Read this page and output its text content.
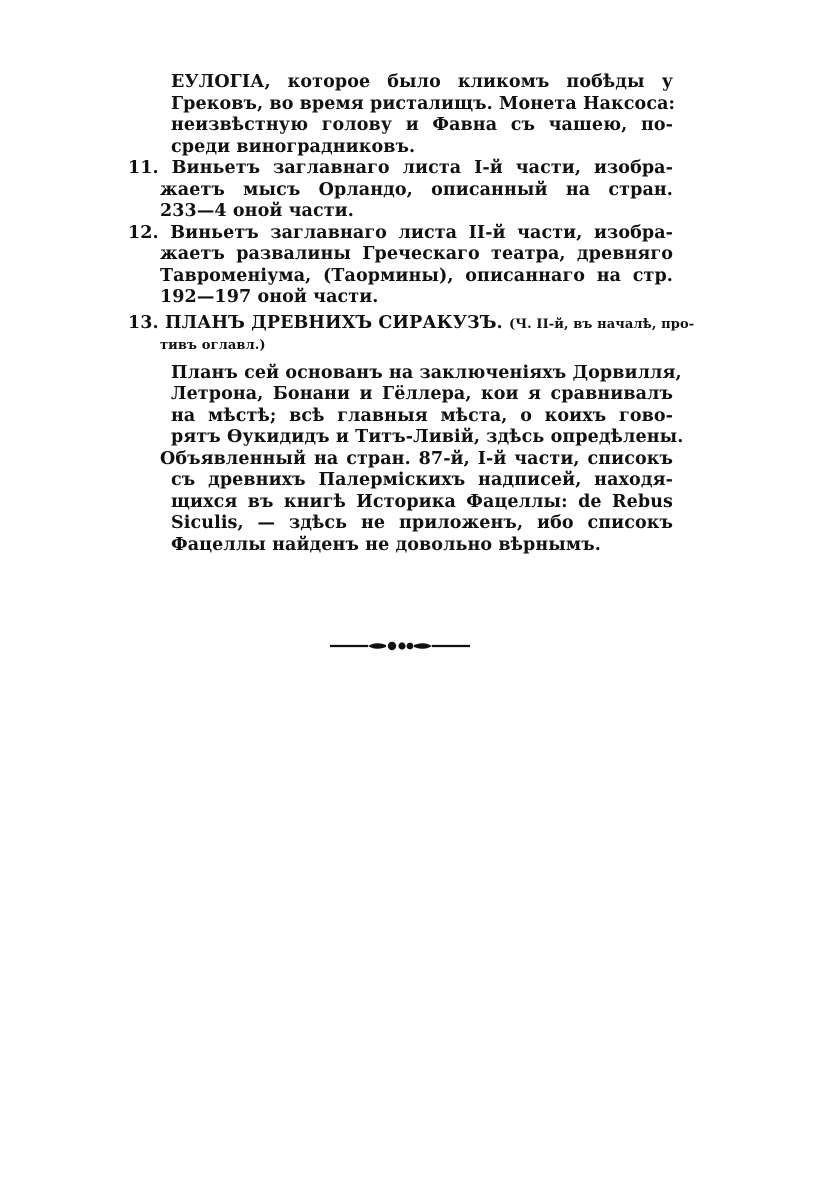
ЕУЛОГIА, которое было кликомъ побѣды у
Грековъ, во время ристалищъ. Монета Наксоса:
неизвѣстную голову и Фавна съ чашею, по-
среди виноградниковъ.
11. Виньетъ заглавнаго листа I-й части, изобра-
жаетъ мысъ Орландо, описанный на стран.
233—4 оной части.
12. Виньетъ заглавнаго листа II-й части, изобра-
жаетъ развалины Греческаго театра, древняго
Тавроменiума, (Таормины), описаннаго на стр.
192—197 оной части.
13. ПЛАНЪ ДРЕВНИХЪ СИРАКУЗЪ. (Ч. II-й, въ началѣ, про-
тивъ оглавл.)
Планъ сей основанъ на заключенiяхъ Дорвилля,
Летрона, Бонани и Гёллера, кои я сравнивалъ
на мѣстѣ; всѣ главныя мѣста, о коихъ гово-
рятъ Өукидидъ и Титъ-Ливiй, здѣсь опредѣлены.
Объявленный на стран. 87-й, I-й части, списокъ
съ древнихъ Палерміскихъ надписей, находя-
щихся въ книгѣ Историка Фацеллы: de Rebus
Siculis, — здѣсь не приложенъ, ибо списокъ
Фацеллы найденъ не довольно вѣрнымъ.
